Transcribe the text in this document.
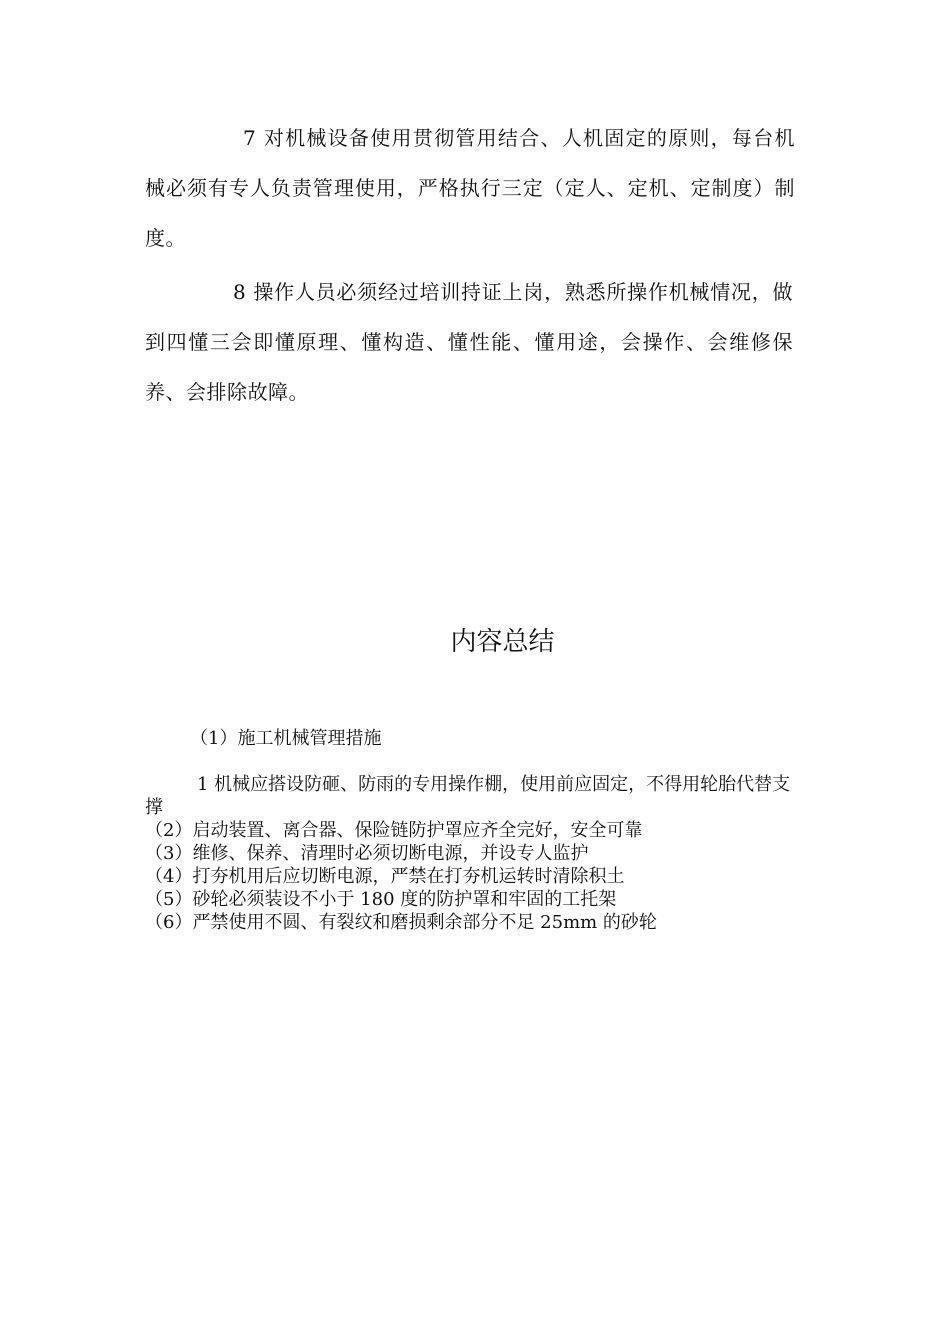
7 对机械设备使用贯彻管用结合、人机固定的原则，每台机械必须有专人负责管理使用，严格执行三定（定人、定机、定制度）制度。

8 操作人员必须经过培训持证上岗，熟悉所操作机械情况，做到四懂三会即懂原理、懂构造、懂性能、懂用途，会操作、会维修保养、会排除故障。

内容总结
（1）施工机械管理措施

1 机械应搭设防砸、防雨的专用操作棚，使用前应固定，不得用轮胎代替支撑

（2）启动装置、离合器、保险链防护罩应齐全完好，安全可靠
（3）维修、保养、清理时必须切断电源，并设专人监护
（4）打夯机用后应切断电源，严禁在打夯机运转时清除积土
（5）砂轮必须装设不小于 180 度的防护罩和牢固的工托架
（6）严禁使用不圆、有裂纹和磨损剩余部分不足 25mm 的砂轮
